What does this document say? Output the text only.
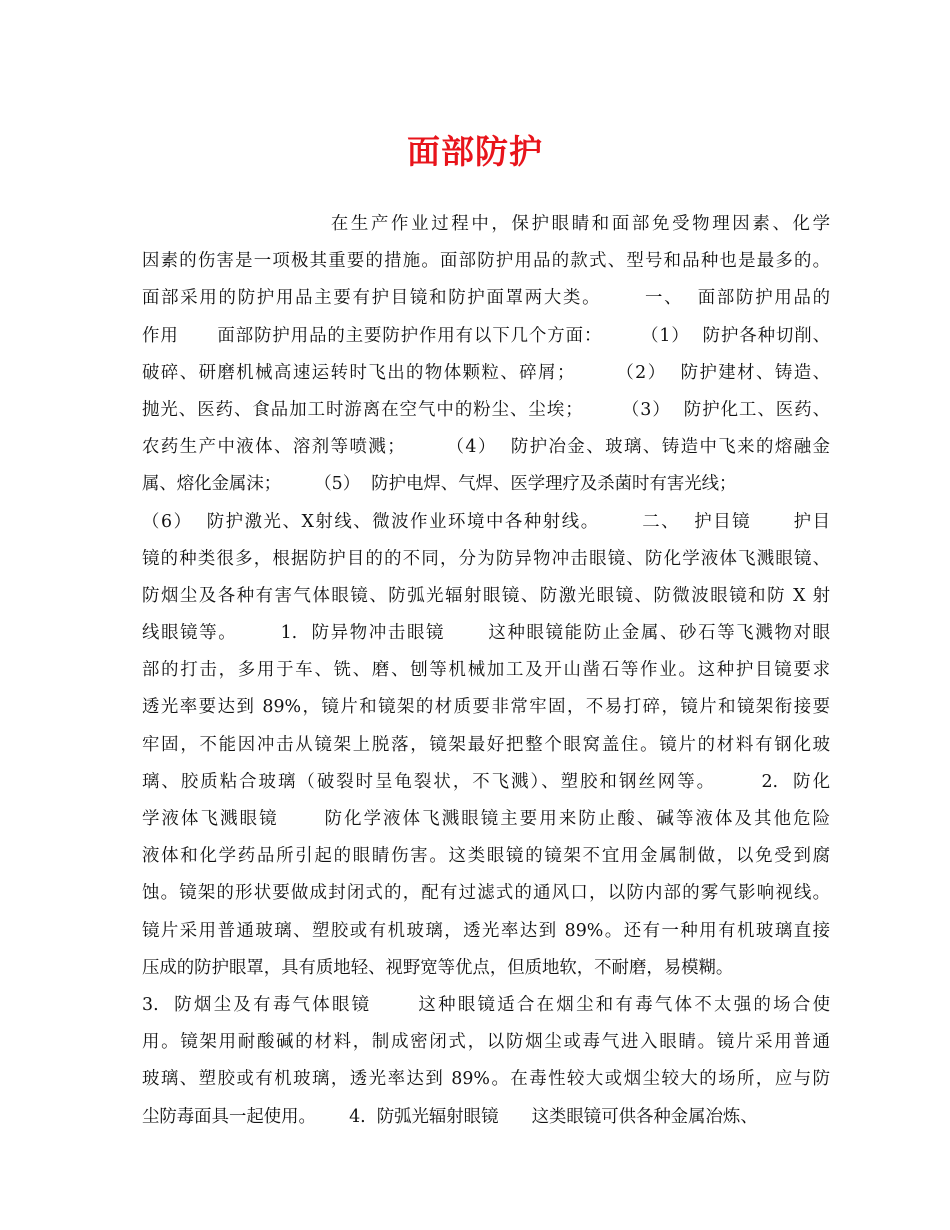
面部防护
在生产作业过程中，保护眼睛和面部免受物理因素、化学
因素的伤害是一项极其重要的措施。面部防护用品的款式、型号和品种也是最多的。
面部采用的防护用品主要有护目镜和防护面罩两大类。      一、  面部防护用品的
作用      面部防护用品的主要防护作用有以下几个方面：      （1）  防护各种切削、
破碎、研磨机械高速运转时飞出的物体颗粒、碎屑；      （2）  防护建材、铸造、
抛光、医药、食品加工时游离在空气中的粉尘、尘埃；      （3）  防护化工、医药、
农药生产中液体、溶剂等喷溅；      （4）  防护冶金、玻璃、铸造中飞来的熔融金
属、熔化金属沫；      （5）  防护电焊、气焊、医学理疗及杀菌时有害光线；
（6）  防护激光、X射线、微波作业环境中各种射线。      二、  护目镜      护目
镜的种类很多，根据防护目的的不同，分为防异物冲击眼镜、防化学液体飞溅眼镜、
防烟尘及各种有害气体眼镜、防弧光辐射眼镜、防激光眼镜、防微波眼镜和防 X 射
线眼镜等。      1.  防异物冲击眼镜      这种眼镜能防止金属、砂石等飞溅物对眼
部的打击，多用于车、铣、磨、刨等机械加工及开山凿石等作业。这种护目镜要求
透光率要达到 89%，镜片和镜架的材质要非常牢固，不易打碎，镜片和镜架衔接要
牢固，不能因冲击从镜架上脱落，镜架最好把整个眼窝盖住。镜片的材料有钢化玻
璃、胶质粘合玻璃（破裂时呈龟裂状，不飞溅）、塑胶和钢丝网等。      2.  防化
学液体飞溅眼镜      防化学液体飞溅眼镜主要用来防止酸、碱等液体及其他危险
液体和化学药品所引起的眼睛伤害。这类眼镜的镜架不宜用金属制做，以免受到腐
蚀。镜架的形状要做成封闭式的，配有过滤式的通风口，以防内部的雾气影响视线。
镜片采用普通玻璃、塑胶或有机玻璃，透光率达到 89%。还有一种用有机玻璃直接
压成的防护眼罩，具有质地轻、视野宽等优点，但质地软，不耐磨，易模糊。
3.  防烟尘及有毒气体眼镜      这种眼镜适合在烟尘和有毒气体不太强的场合使
用。镜架用耐酸碱的材料，制成密闭式，以防烟尘或毒气进入眼睛。镜片采用普通
玻璃、塑胶或有机玻璃，透光率达到 89%。在毒性较大或烟尘较大的场所，应与防
尘防毒面具一起使用。      4.  防弧光辐射眼镜      这类眼镜可供各种金属冶炼、
